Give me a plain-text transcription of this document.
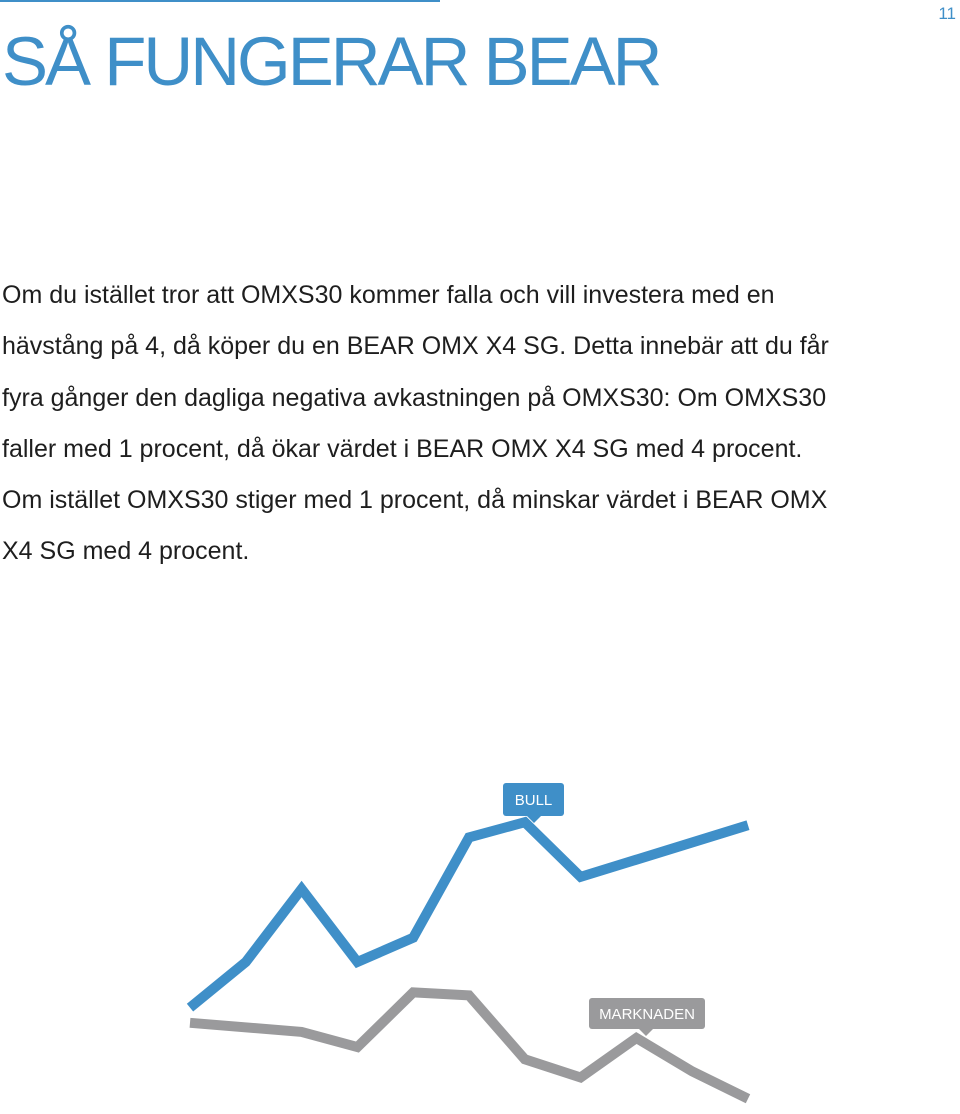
11
SÅ FUNGERAR BEAR

Om du istället tror att OMXS30 kommer falla och vill investera med en
hävstång på 4, då köper du en BEAR OMX X4 SG. Detta innebär att du får
fyra gånger den dagliga negativa avkastningen på OMXS30: Om OMXS30
faller med 1 procent, då ökar värdet i BEAR OMX X4 SG med 4 procent.
Om istället OMXS30 stiger med 1 procent, då minskar värdet i BEAR OMX
X4 SG med 4 procent.

BULL
MARKNADEN
